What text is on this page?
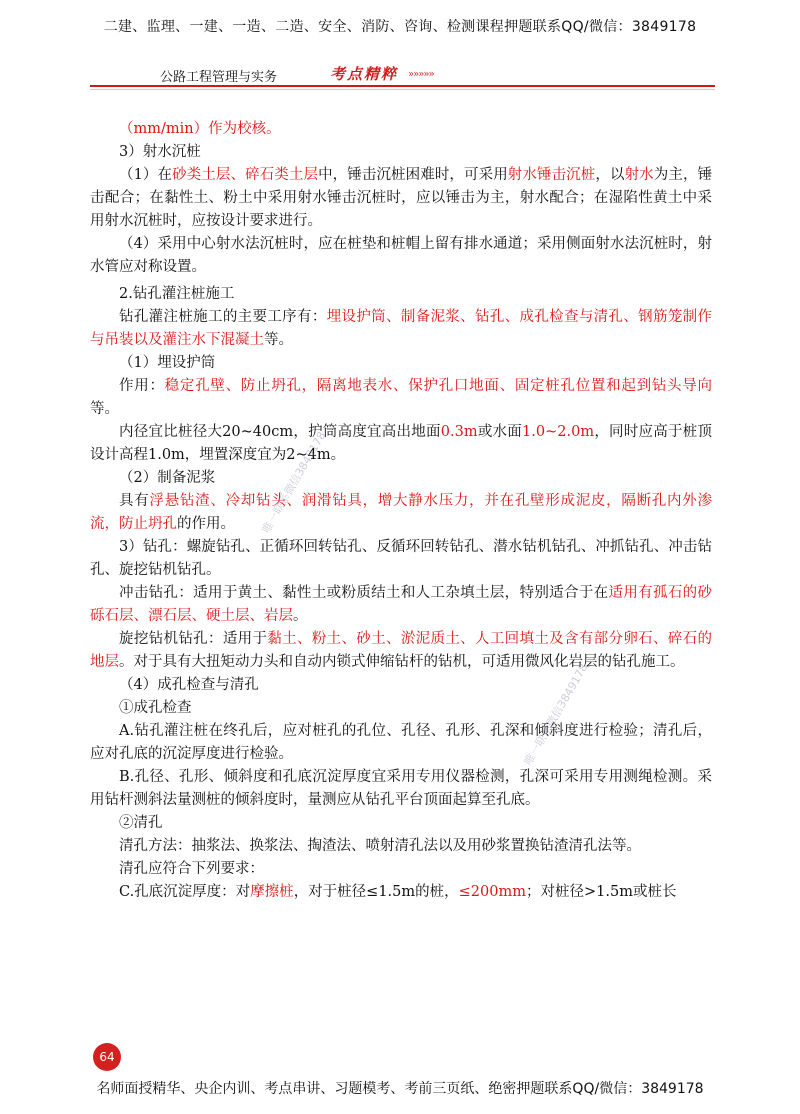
二建、监理、一建、一造、二造、安全、消防、咨询、检测课程押题联系QQ/微信：3849178
公路工程管理与实务	考点精粹 »»»»»

（mm/min）作为校核。

3）射水沉桩

（1）在砂类土层、碎石类土层中，锤击沉桩困难时，可采用射水锤击沉桩，以射水为主，锤击配合；在黏性土、粉土中采用射水锤击沉桩时，应以锤击为主，射水配合；在湿陷性黄土中采用射水沉桩时，应按设计要求进行。

（4）采用中心射水法沉桩时，应在桩垫和桩帽上留有排水通道；采用侧面射水法沉桩时，射水管应对称设置。

2.钻孔灌注桩施工

钻孔灌注桩施工的主要工序有：埋设护筒、制备泥浆、钻孔、成孔检查与清孔、钢筋笼制作与吊装以及灌注水下混凝土等。

（1）埋设护筒

作用：稳定孔壁、防止坍孔，隔离地表水、保护孔口地面、固定桩孔位置和起到钻头导向等。

内径宜比桩径大20~40cm，护筒高度宜高出地面0.3m或水面1.0~2.0m，同时应高于桩顶设计高程1.0m，埋置深度宜为2~4m。

（2）制备泥浆

具有浮悬钻渣、冷却钻头、润滑钻具，增大静水压力，并在孔壁形成泥皮，隔断孔内外渗流，防止坍孔的作用。

3）钻孔：螺旋钻孔、正循环回转钻孔、反循环回转钻孔、潜水钻机钻孔、冲抓钻孔、冲击钻孔、旋挖钻机钻孔。

冲击钻孔：适用于黄土、黏性土或粉质结土和人工杂填土层，特别适合于在适用有孤石的砂砾石层、漂石层、硬土层、岩层。

旋挖钻机钻孔：适用于黏土、粉土、砂土、淤泥质土、人工回填土及含有部分卵石、碎石的地层。对于具有大扭矩动力头和自动内锁式伸缩钻杆的钻机，可适用微风化岩层的钻孔施工。

（4）成孔检查与清孔

①成孔检查

A.钻孔灌注桩在终孔后，应对桩孔的孔位、孔径、孔形、孔深和倾斜度进行检验；清孔后，应对孔底的沉淀厚度进行检验。

B.孔径、孔形、倾斜度和孔底沉淀厚度宜采用专用仪器检测，孔深可采用专用测绳检测。采用钻杆测斜法量测桩的倾斜度时，量测应从钻孔平台顶面起算至孔底。

②清孔

清孔方法：抽浆法、换浆法、掏渣法、喷射清孔法以及用砂浆置换钻渣清孔法等。

清孔应符合下列要求：

C.孔底沉淀厚度：对摩擦桩，对于桩径≤1.5m的桩，≤200mm；对桩径>1.5m或桩长

唯一联系微信3849178
唯一联系微信3849178
64
名师面授精华、央企内训、考点串讲、习题模考、考前三页纸、绝密押题联系QQ/微信：3849178
